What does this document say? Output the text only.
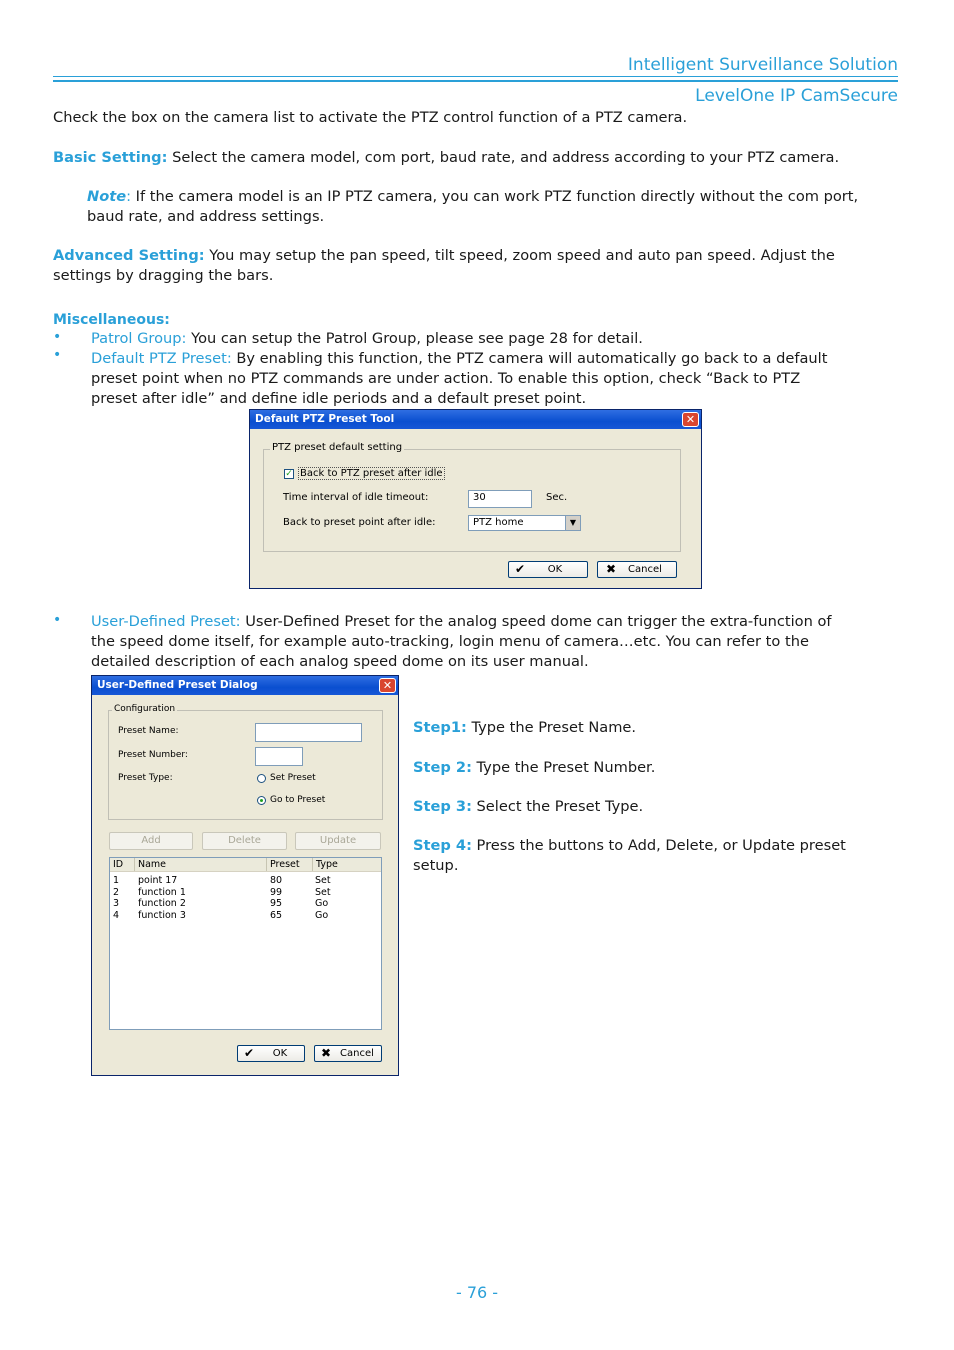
Intelligent Surveillance Solution
LevelOne IP CamSecure
Check the box on the camera list to activate the PTZ control function of a PTZ camera.
Basic Setting: Select the camera model, com port, baud rate, and address according to your PTZ camera.
Note: If the camera model is an IP PTZ camera, you can work PTZ function directly without the com port,
baud rate, and address settings.
Advanced Setting: You may setup the pan speed, tilt speed, zoom speed and auto pan speed. Adjust the
settings by dragging the bars.
Miscellaneous:
• Patrol Group: You can setup the Patrol Group, please see page 28 for detail.
• Default PTZ Preset: By enabling this function, the PTZ camera will automatically go back to a default
preset point when no PTZ commands are under action. To enable this option, check “Back to PTZ
preset after idle” and define idle periods and a default preset point.
Default PTZ Preset Tool	✕
PTZ preset default setting
✓ Back to PTZ preset after idle
Time interval of idle timeout:	30	Sec.
Back to preset point after idle:	PTZ home	▼
✔ OK	✖ Cancel
• User-Defined Preset: User-Defined Preset for the analog speed dome can trigger the extra-function of
the speed dome itself, for example auto-tracking, login menu of camera…etc. You can refer to the
detailed description of each analog speed dome on its user manual.
User-Defined Preset Dialog	✕
Configuration
Preset Name:
Preset Number:
Preset Type:	Set Preset
Go to Preset
Add	Delete	Update
ID	Name	Preset	Type
1 point 17	80	Set
2 function 1	99	Set
3 function 2	95	Go
4 function 3	65	Go
✔ OK	✖ Cancel
Step1: Type the Preset Name.
Step 2: Type the Preset Number.
Step 3: Select the Preset Type.
Step 4: Press the buttons to Add, Delete, or Update preset
setup.
- 76 -
